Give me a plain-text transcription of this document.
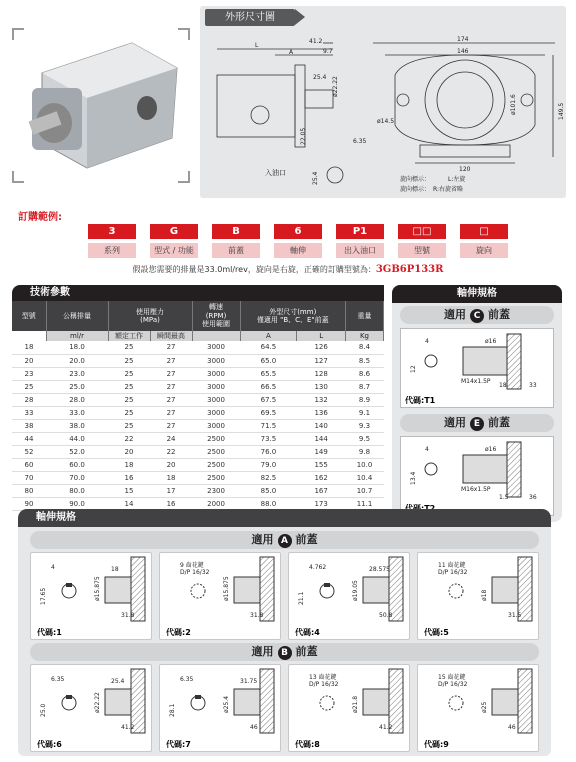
外形尺寸圖
L
A
41.2
9.7
25.4 ø22.22
22.05	6.35
25.4
174
146
ø14.5
ø101.6	149.5
120
入油口
旋向標示：	L:左旋
旋向標示： R:右旋省略
訂購範例:
3	G	B	6	P1	□□	□
系列	型式 / 功能	前蓋	軸伸	出入油口	型號	旋向
假設您需要的排量是33.0ml/rev，旋向是右旋，正確的訂購型號為：3GB6P133R
技術參數
型號	公稱排量	使用壓力
(MPa)		轉速
(RPM)
使用範圍	外型尺寸(mm)
僅適用 "B、C、E"前蓋		重量
	ml/r	額定工作	瞬間最高		A	L	Kg
18	18.0	25	27	3000	64.5	126	8.4
20	20.0	25	27	3000	65.0	127	8.5
23	23.0	25	27	3000	65.5	128	8.6
25	25.0	25	27	3000	66.5	130	8.7
28	28.0	25	27	3000	67.5	132	8.9
33	33.0	25	27	3000	69.5	136	9.1
38	38.0	25	27	3000	71.5	140	9.3
44	44.0	22	24	2500	73.5	144	9.5
52	52.0	20	22	2500	76.0	149	9.8
60	60.0	18	20	2500	79.0	155	10.0
70	70.0	16	18	2500	82.5	162	10.4
80	80.0	15	17	2300	85.0	167	10.7
90	90.0	14	16	2000	88.0	173	11.1
軸伸規格
適用 C 前蓋
4
12
ø16
M14x1.5P
18	33
代碼:T1
適用 E 前蓋
4
13.4
ø16
M16x1.5P
1.5	36
軸伸規格
適用 A 前蓋
4
17.65	ø15.875
18
31.8
代碼:1
9 齒花鍵
D/P 16/32
ø15.875
31.8
代碼:2
4.762
21.1	ø19.05
28.575
50.8
代碼:4
11 齒花鍵
D/P 16/32
ø18
31.5
代碼:5
適用 B 前蓋
6.35
25.0	ø22.22
25.4
41.2
代碼:6
6.35
28.1	ø25.4
31.75
46
代碼:7
13 齒花鍵
D/P 16/32
ø21.8
41.2
代碼:8
15 齒花鍵
D/P 16/32
ø25
46
代碼:9
